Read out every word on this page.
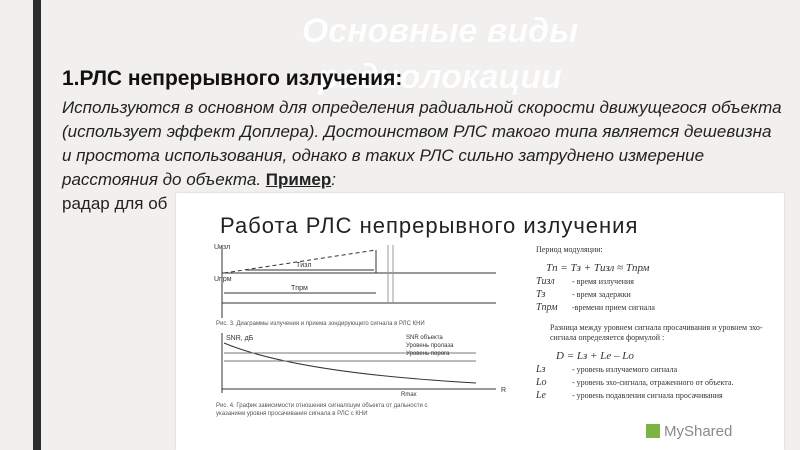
Основные виды
радиолокации
1.РЛС непрерывного излучения:
Используются в основном для определения радиальной скорости движущегося объекта (использует эффект Доплера). Достоинством РЛС такого типа является дешевизна и простота использования, однако в таких РЛС сильно затруднено измерение расстояния до объекта. Пример:
радар для об
Работа РЛС непрерывного излучения
Uизл
Uпрм
Tизл
Tпрм
Рис. 3. Диаграммы излучения и приема зондирующего сигнала в РЛС КНИ
SNR, дБ	SNR объекта
Уровень пролаза
Уровень порога
Rmax
R
Рис. 4. График зависимости отношения сигнал/шум объекта от дальности с
указанием уровня просачивания сигнала в РЛС с КНИ
Период модуляции:
Tп = Tз + Tизл ≈ Tпрм
Tизл	- время излучения
Tз	- время задержки
Tпрм	-времени прием сигнала
Разница между уровнем сигнала просачивания и уровнем эхо-сигнала определяется формулой :
D = Lз + Lе – Lо
Lз	- уровень излучаемого сигнала
Lо	- уровень эхо-сигнала, отраженного от объекта.
Lе	- уровень подавления сигнала просачивания
MyShared
